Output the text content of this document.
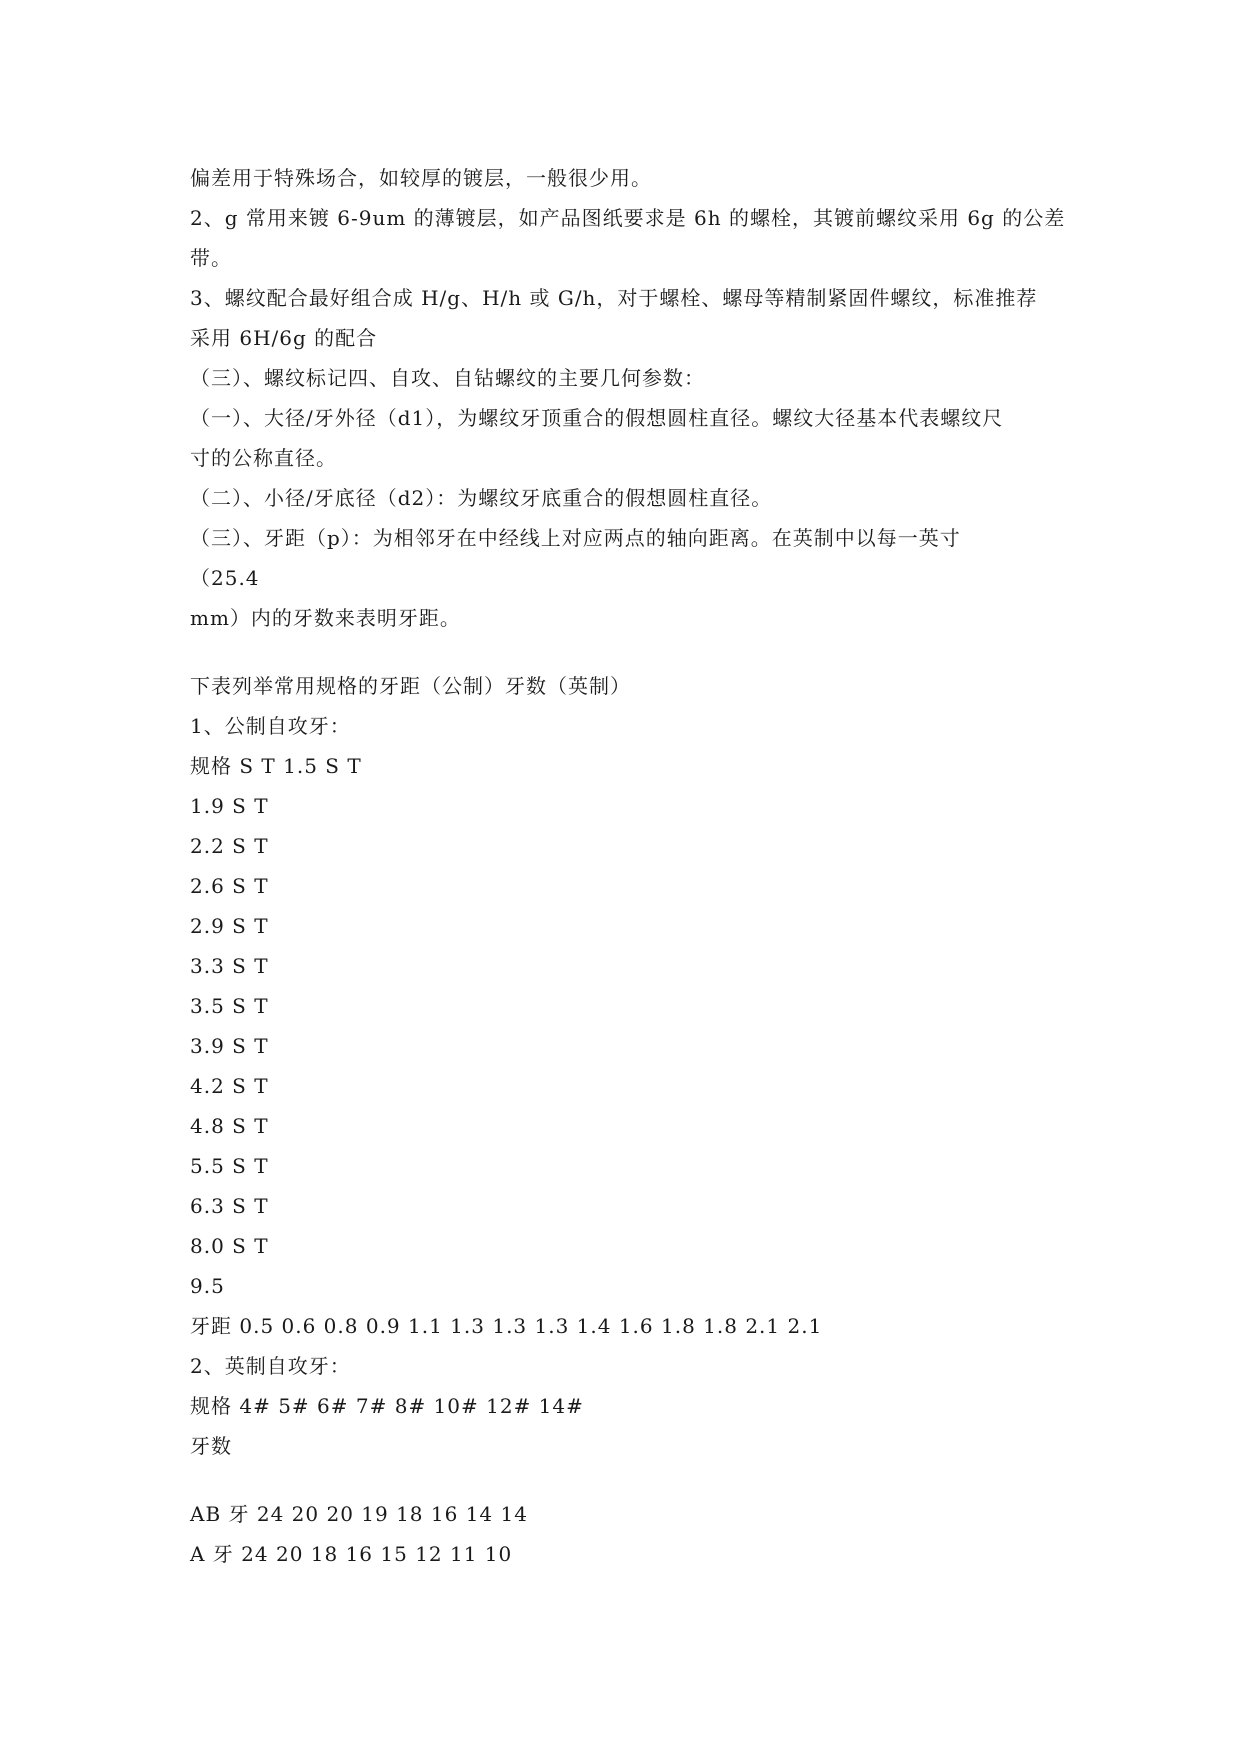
偏差用于特殊场合，如较厚的镀层，一般很少用。
2、g 常用来镀 6-9um 的薄镀层，如产品图纸要求是 6h 的螺栓，其镀前螺纹采用 6g 的公差
带。
3、螺纹配合最好组合成 H/g、H/h 或 G/h，对于螺栓、螺母等精制紧固件螺纹，标准推荐
采用 6H/6g 的配合
（三）、螺纹标记四、自攻、自钻螺纹的主要几何参数：
（一）、大径/牙外径（d1），为螺纹牙顶重合的假想圆柱直径。螺纹大径基本代表螺纹尺
寸的公称直径。
（二）、小径/牙底径（d2）：为螺纹牙底重合的假想圆柱直径。
（三）、牙距（p）：为相邻牙在中经线上对应两点的轴向距离。在英制中以每一英寸
（25.4
mm）内的牙数来表明牙距。
下表列举常用规格的牙距（公制）牙数（英制）
1、公制自攻牙：
规格 S T 1.5 S T
1.9 S T
2.2 S T
2.6 S T
2.9 S T
3.3 S T
3.5 S T
3.9 S T
4.2 S T
4.8 S T
5.5 S T
6.3 S T
8.0 S T
9.5
牙距 0.5 0.6 0.8 0.9 1.1 1.3 1.3 1.3 1.4 1.6 1.8 1.8 2.1 2.1
2、英制自攻牙：
规格 4# 5# 6# 7# 8# 10# 12# 14#
牙数
AB 牙 24 20 20 19 18 16 14 14
A 牙 24 20 18 16 15 12 11 10
